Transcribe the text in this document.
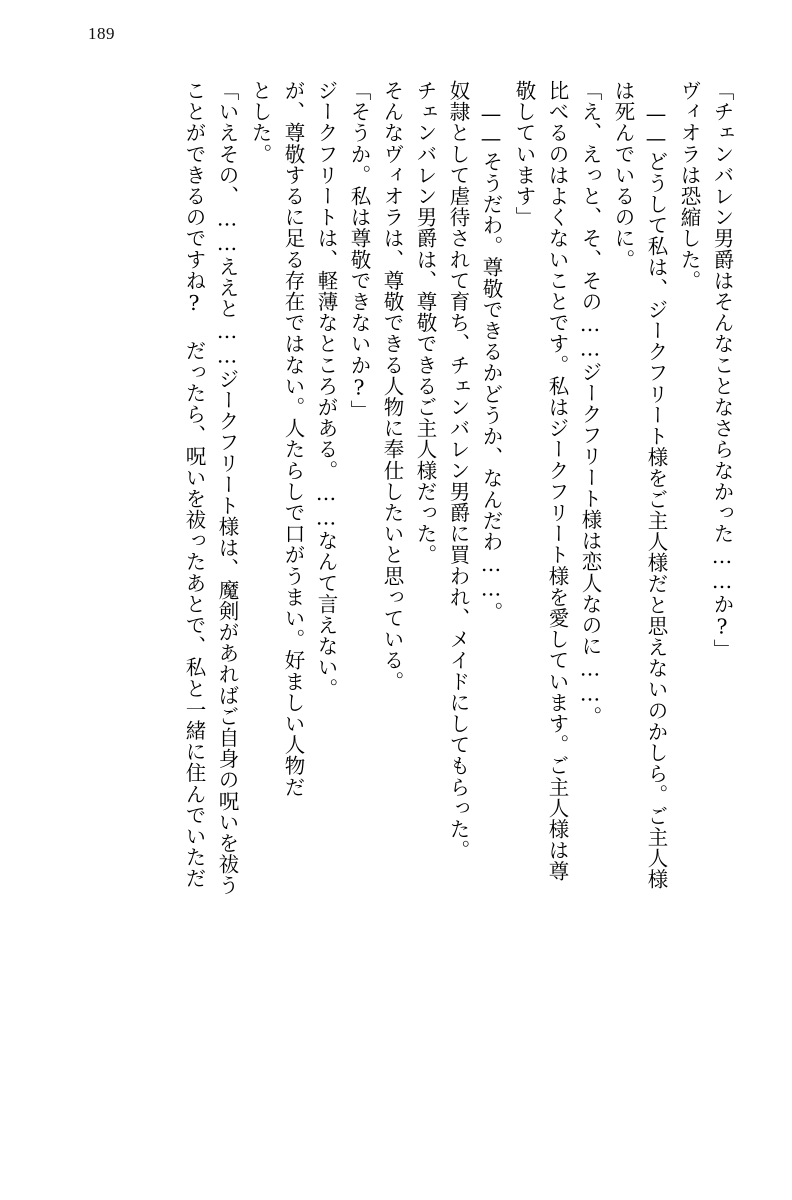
189
「チェンバレン男爵はそんなことなさらなかった……か?」
ヴィオラは恐縮した。
——どうして私は、ジークフリート様をご主人様だと思えないのかしら。ご主人様
は死んでいるのに。
「え、えっと、そ、その……ジークフリート様は恋人なのに……。
比べるのはよくないことです。私はジークフリート様を愛しています。ご主人様は尊
敬しています」
——そうだわ。尊敬できるかどうか、なんだわ……。
奴隷として虐待されて育ち、チェンバレン男爵に買われ、メイドにしてもらった。
チェンバレン男爵は、尊敬できるご主人様だった。
そんなヴィオラは、尊敬できる人物に奉仕したいと思っている。
「そうか。私は尊敬できないか?」
ジークフリートは、軽薄なところがある。……なんて言えない。
が、尊敬するに足る存在ではない。人たらしで口がうまい。好ましい人物だ
とした。
「いえその、……ええと……ジークフリート様は、魔剣があればご自身の呪いを祓う
ことができるのですね? だったら、呪いを祓ったあとで、私と一緒に住んでいただ
